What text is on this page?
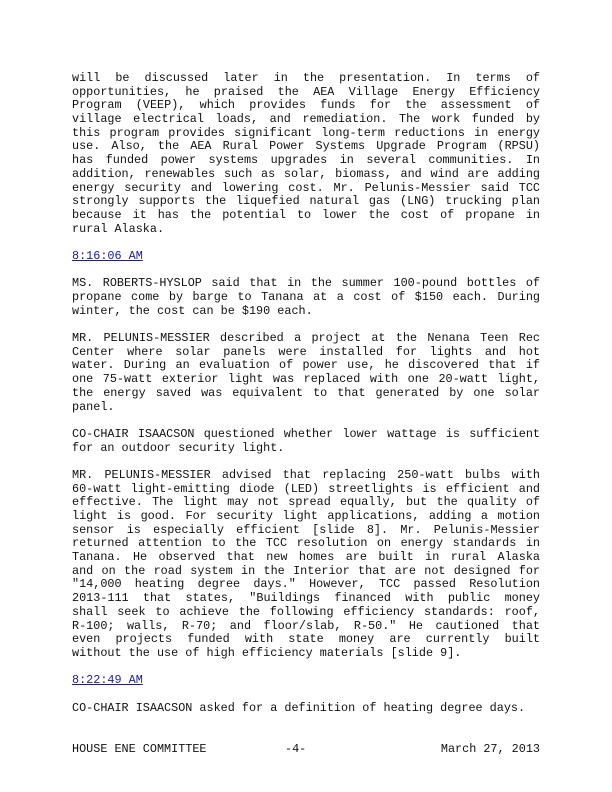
will be discussed later in the presentation. In terms of
opportunities, he praised the AEA Village Energy Efficiency
Program (VEEP), which provides funds for the assessment of
village electrical loads, and remediation. The work funded by
this program provides significant long-term reductions in energy
use. Also, the AEA Rural Power Systems Upgrade Program (RPSU)
has funded power systems upgrades in several communities. In
addition, renewables such as solar, biomass, and wind are adding
energy security and lowering cost. Mr. Pelunis-Messier said TCC
strongly supports the liquefied natural gas (LNG) trucking plan
because it has the potential to lower the cost of propane in
rural Alaska.
8:16:06 AM
MS. ROBERTS-HYSLOP said that in the summer 100-pound bottles of
propane come by barge to Tanana at a cost of $150 each. During
winter, the cost can be $190 each.
MR. PELUNIS-MESSIER described a project at the Nenana Teen Rec
Center where solar panels were installed for lights and hot
water. During an evaluation of power use, he discovered that if
one 75-watt exterior light was replaced with one 20-watt light,
the energy saved was equivalent to that generated by one solar
panel.
CO-CHAIR ISAACSON questioned whether lower wattage is sufficient
for an outdoor security light.
MR. PELUNIS-MESSIER advised that replacing 250-watt bulbs with
60-watt light-emitting diode (LED) streetlights is efficient and
effective. The light may not spread equally, but the quality of
light is good. For security light applications, adding a motion
sensor is especially efficient [slide 8]. Mr. Pelunis-Messier
returned attention to the TCC resolution on energy standards in
Tanana. He observed that new homes are built in rural Alaska
and on the road system in the Interior that are not designed for
"14,000 heating degree days." However, TCC passed Resolution
2013-111 that states, "Buildings financed with public money
shall seek to achieve the following efficiency standards: roof,
R-100; walls, R-70; and floor/slab, R-50." He cautioned that
even projects funded with state money are currently built
without the use of high efficiency materials [slide 9].
8:22:49 AM
CO-CHAIR ISAACSON asked for a definition of heating degree days.
HOUSE ENE COMMITTEE	-4-	March 27, 2013
